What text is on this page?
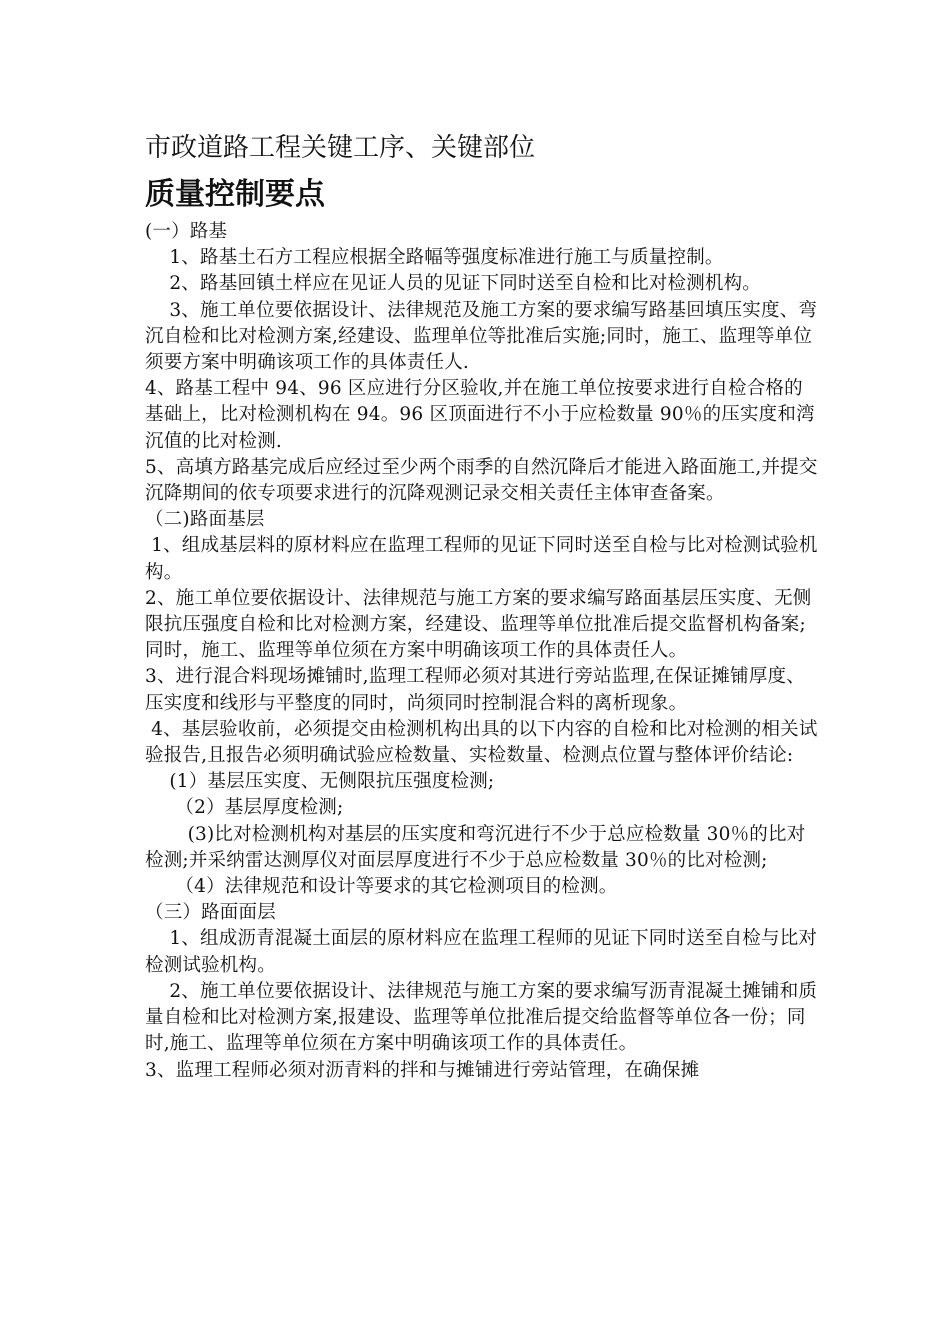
市政道路工程关键工序、关键部位
质量控制要点

(一）路基

1、路基土石方工程应根据全路幅等强度标准进行施工与质量控制。

2、路基回镇土样应在见证人员的见证下同时送至自检和比对检测机构。

3、施工单位要依据设计、法律规范及施工方案的要求编写路基回填压实度、弯沉自检和比对检测方案,经建设、监理单位等批准后实施;同时，施工、监理等单位须要方案中明确该项工作的具体责任人.

4、路基工程中 94、96 区应进行分区验收,并在施工单位按要求进行自检合格的基础上，比对检测机构在 94。96 区顶面进行不小于应检数量 90％的压实度和湾沉值的比对检测.

5、高填方路基完成后应经过至少两个雨季的自然沉降后才能进入路面施工,并提交沉降期间的依专项要求进行的沉降观测记录交相关责任主体审查备案。

（二)路面基层

1、组成基层料的原材料应在监理工程师的见证下同时送至自检与比对检测试验机构。

2、施工单位要依据设计、法律规范与施工方案的要求编写路面基层压实度、无侧限抗压强度自检和比对检测方案，经建设、监理等单位批准后提交监督机构备案;同时，施工、监理等单位须在方案中明确该项工作的具体责任人。

3、进行混合料现场摊铺时,监理工程师必须对其进行旁站监理,在保证摊铺厚度、压实度和线形与平整度的同时，尚须同时控制混合料的离析现象。

4、基层验收前，必须提交由检测机构出具的以下内容的自检和比对检测的相关试验报告,且报告必须明确试验应检数量、实检数量、检测点位置与整体评价结论:

(1）基层压实度、无侧限抗压强度检测;

（2）基层厚度检测;

(3)比对检测机构对基层的压实度和弯沉进行不少于总应检数量 30％的比对检测;并采纳雷达测厚仪对面层厚度进行不少于总应检数量 30％的比对检测;

（4）法律规范和设计等要求的其它检测项目的检测。

（三）路面面层

1、组成沥青混凝土面层的原材料应在监理工程师的见证下同时送至自检与比对检测试验机构。

2、施工单位要依据设计、法律规范与施工方案的要求编写沥青混凝土摊铺和质量自检和比对检测方案,报建设、监理等单位批准后提交给监督等单位各一份；同时,施工、监理等单位须在方案中明确该项工作的具体责任。

3、监理工程师必须对沥青料的拌和与摊铺进行旁站管理，在确保摊
